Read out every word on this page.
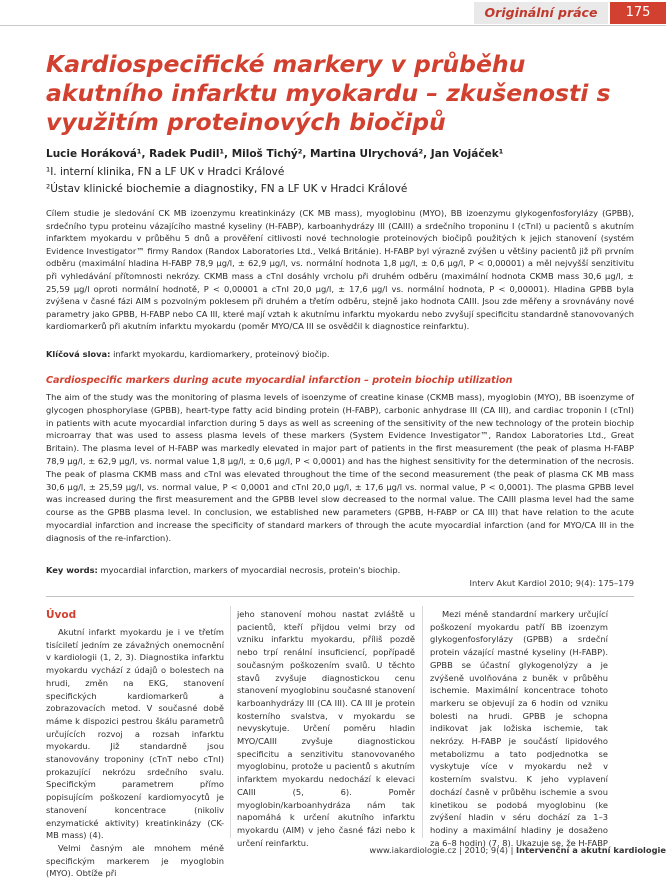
Originální práce	175
Kardiospecifické markery v průběhu akutního infarktu myokardu – zkušenosti s využitím proteinových biočipů
Lucie Horáková¹, Radek Pudil¹, Miloš Tichý², Martina Ulrychová², Jan Vojáček¹
¹I. interní klinika, FN a LF UK v Hradci Králové
²Ústav klinické biochemie a diagnostiky, FN a LF UK v Hradci Králové

Cílem studie je sledování CK MB izoenzymu kreatinkinázy (CK MB mass), myoglobinu (MYO), BB izoenzymu glykogenfosforylázy (GPBB), srdečního typu proteinu vázajícího mastné kyseliny (H-FABP), karboanhydrázy III (CAIII) a srdečního troponinu I (cTnI) u pacientů s akutním infarktem myokardu v průběhu 5 dnů a prověření citlivosti nové technologie proteinových biočipů použitých k jejich stanovení (systém Evidence Investigator™ firmy Randox (Randox Laboratories Ltd., Velká Británie). H-FABP byl výrazně zvýšen u většiny pacientů již při prvním odběru (maximální hladina H-FABP 78,9 μg/l, ± 62,9 μg/l, vs. normální hodnota 1,8 μg/l, ± 0,6 μg/l, P < 0,00001) a měl nejvyšší senzitivitu při vyhledávání přítomnosti nekrózy. CKMB mass a cTnI dosáhly vrcholu při druhém odběru (maximální hodnota CKMB mass 30,6 μg/l, ± 25,59 μg/l oproti normální hodnotě, P < 0,00001 a cTnI 20,0 μg/l, ± 17,6 μg/l vs. normální hodnota, P < 0,00001). Hladina GPBB byla zvýšena v časné fázi AIM s pozvolným poklesem při druhém a třetím odběru, stejně jako hodnota CAIII. Jsou zde měřeny a srovnávány nové parametry jako GPBB, H-FABP nebo CA III, které mají vztah k akutnímu infarktu myokardu nebo zvyšují specificitu standardně stanovovaných kardiomarkerů při akutním infarktu myokardu (poměr MYO/CA III se osvědčil k diagnostice reinfarktu).

Klíčová slova: infarkt myokardu, kardiomarkery, proteinový biočip.
Cardiospecific markers during acute myocardial infarction – protein biochip utilization

The aim of the study was the monitoring of plasma levels of isoenzyme of creatine kinase (CKMB mass), myoglobin (MYO), BB isoenzyme of glycogen phosphorylase (GPBB), heart-type fatty acid binding protein (H-FABP), carbonic anhydrase III (CA III), and cardiac troponin I (cTnI) in patients with acute myocardial infarction during 5 days as well as screening of the sensitivity of the new technology of the protein biochip microarray that was used to assess plasma levels of these markers (System Evidence Investigator™, Randox Laboratories Ltd., Great Britain). The plasma level of H-FABP was markedly elevated in major part of patients in the first measurement (the peak of plasma H-FABP 78,9 μg/l, ± 62,9 μg/l, vs. normal value 1,8 μg/l, ± 0,6 μg/l, P < 0,0001) and has the highest sensitivity for the determination of the necrosis. The peak of plasma CKMB mass and cTnI was elevated throughout the time of the second measurement (the peak of plasma CK MB mass 30,6 μg/l, ± 25,59 μg/l, vs. normal value, P < 0,0001 and cTnI 20,0 μg/l, ± 17,6 μg/l vs. normal value, P < 0,0001). The plasma GPBB level was increased during the first measurement and the GPBB level slow decreased to the normal value. The CAIII plasma level had the same course as the GPBB plasma level. In conclusion, we established new parameters (GPBB, H-FABP or CA III) that have relation to the acute myocardial infarction and increase the specificity of standard markers of through the acute myocardial infarction (and for MYO/CA III in the diagnosis of the re-infarction).

Key words: myocardial infarction, markers of myocardial necrosis, protein's biochip.
Interv Akut Kardiol 2010; 9(4): 175–179
Úvod

Akutní infarkt myokardu je i ve třetím tisíciletí jedním ze závažných onemocnění v kardiologii (1, 2, 3). Diagnostika infarktu myokardu vychází z údajů o bolestech na hrudi, změn na EKG, stanovení specifických kardiomarkerů a zobrazovacích metod. V současné době máme k dispozici pestrou škálu parametrů určujících rozvoj a rozsah infarktu myokardu. Již standardně jsou stanovovány troponiny (cTnT nebo cTnI) prokazující nekrózu srdečního svalu. Specifickým parametrem přímo popisujícím poškození kardiomyocytů je stanovení koncentrace (nikoliv enzymatické aktivity) kreatinkinázy (CK-MB mass) (4).

Velmi časným ale mnohem méně specifickým markerem je myoglobin (MYO). Obtíže při

jeho stanovení mohou nastat zvláště u pacientů, kteří přijdou velmi brzy od vzniku infarktu myokardu, příliš pozdě nebo trpí renální insuficiencí, popřípadě současným poškozením svalů. U těchto stavů zvyšuje diagnostickou cenu stanovení myoglobinu současné stanovení karboanhydrázy III (CA III). CA III je protein kosterního svalstva, v myokardu se nevyskytuje. Určení poměru hladin MYO/CAIII zvyšuje diagnostickou specificitu a senzitivitu stanovovaného myoglobinu, protože u pacientů s akutním infarktem myokardu nedochází k elevaci CAIII (5, 6). Poměr myoglobin/karboanhydráza nám tak napomáhá k určení akutního infarktu myokardu (AIM) v jeho časné fázi nebo k určení reinfarktu.

Mezi méně standardní markery určující poškození myokardu patří BB izoenzym glykogenfosforylázy (GPBB) a srdeční protein vázající mastné kyseliny (H-FABP). GPBB se účastní glykogenolýzy a je zvýšeně uvolňována z buněk v průběhu ischemie. Maximální koncentrace tohoto markeru se objevují za 6 hodin od vzniku bolesti na hrudi. GPBB je schopna indikovat jak ložiska ischemie, tak nekrózy. H-FABP je součástí lipidového metabolizmu a tato podjednotka se vyskytuje více v myokardu než v kosterním svalstvu. K jeho vyplavení dochází časně v průběhu ischemie a svou kinetikou se podobá myoglobinu (ke zvýšení hladin v séru dochází za 1–3 hodiny a maximální hladiny je dosaženo za 6–8 hodin) (7, 8). Ukazuje se, že H-FABP

www.iakardiologie.cz | 2010; 9(4) | Intervenční a akutní kardiologie
